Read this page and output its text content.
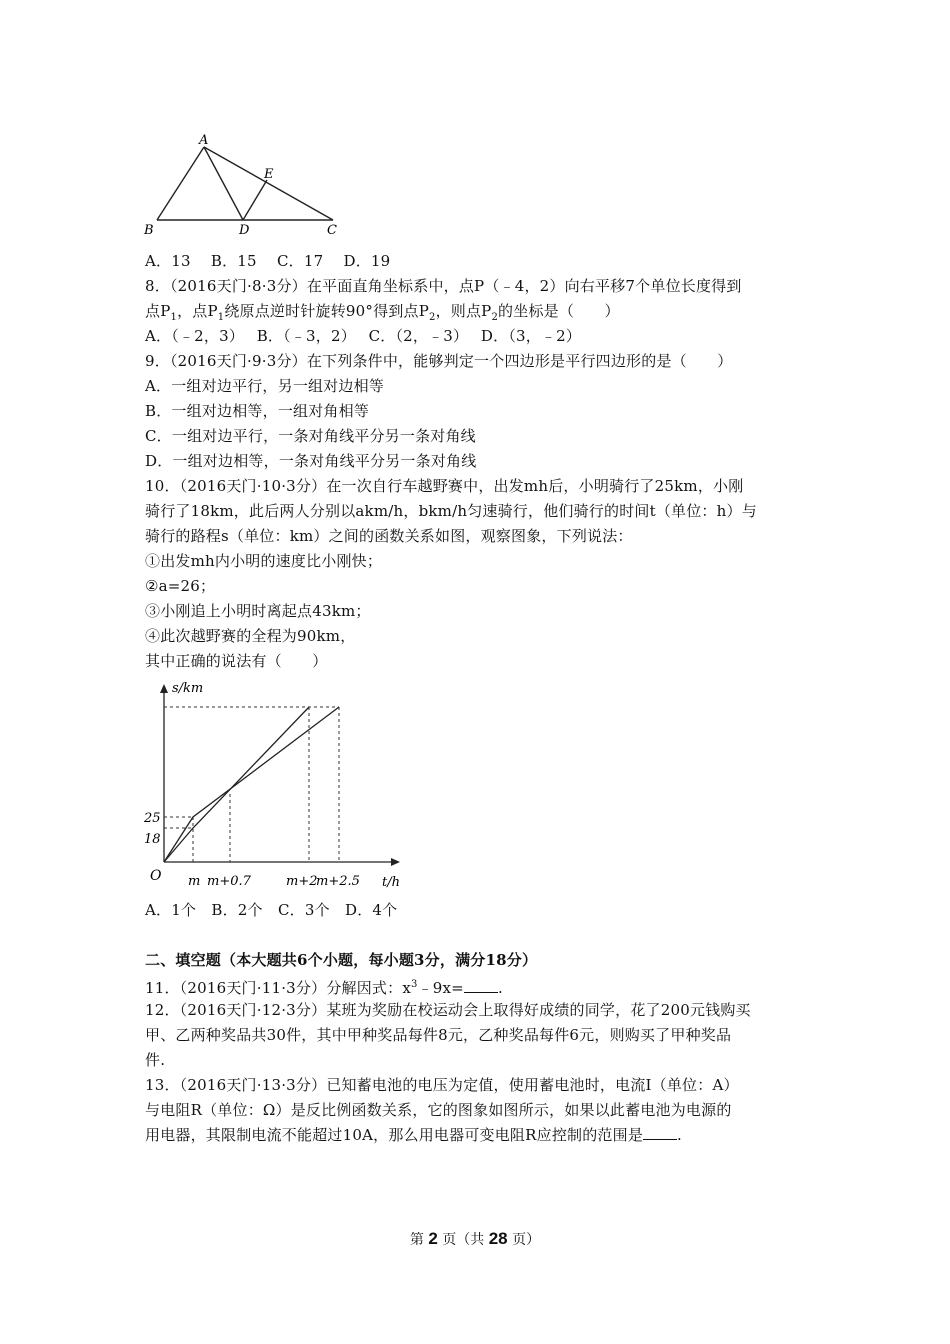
A
B	D	C
E
A．13　 B．15　 C．17　 D．19
8．（2016天门·8·3分）在平面直角坐标系中，点P（﹣4，2）向右平移7个单位长度得到
点$P_1$，点$P_1$绕原点逆时针旋转90°得到点$P_2$，则点$P_2$的坐标是（　　）
A．（﹣2，3）　 B．（﹣3，2）　 C．（2，﹣3）　 D．（3，﹣2）
9．（2016天门·9·3分）在下列条件中，能够判定一个四边形是平行四边形的是（　　）
A．一组对边平行，另一组对边相等
B．一组对边相等，一组对角相等
C．一组对边平行，一条对角线平分另一条对角线
D．一组对边相等，一条对角线平分另一条对角线
10．（2016天门·10·3分）在一次自行车越野赛中，出发mh后，小明骑行了25km，小刚
骑行了18km，此后两人分别以akm/h，bkm/h匀速骑行，他们骑行的时间t（单位：h）与
骑行的路程s（单位：km）之间的函数关系如图，观察图象，下列说法：
①出发mh内小明的速度比小刚快；
②a=26；
③小刚追上小明时离起点43km；
④此次越野赛的全程为90km，
其中正确的说法有（　　）
s/km
t/h
O
25
18
m m+0.7	m+2
m+2.5
A．1个　B．2个　C．3个　D．4个
二、填空题（本大题共6个小题，每小题3分，满分18分）
11．（2016天门·11·3分）分解因式：$x^3﹣9x=$ .
12．（2016天门·12·3分）某班为奖励在校运动会上取得好成绩的同学，花了200元钱购买
甲、乙两种奖品共30件，其中甲种奖品每件8元，乙种奖品每件6元，则购买了甲种奖品
件.
13．（2016天门·13·3分）已知蓄电池的电压为定值，使用蓄电池时，电流I（单位：A）
与电阻R（单位：Ω）是反比例函数关系，它的图象如图所示，如果以此蓄电池为电源的
用电器，其限制电流不能超过10A，那么用电器可变电阻R应控制的范围是 .
第 2 页（共 28 页）
